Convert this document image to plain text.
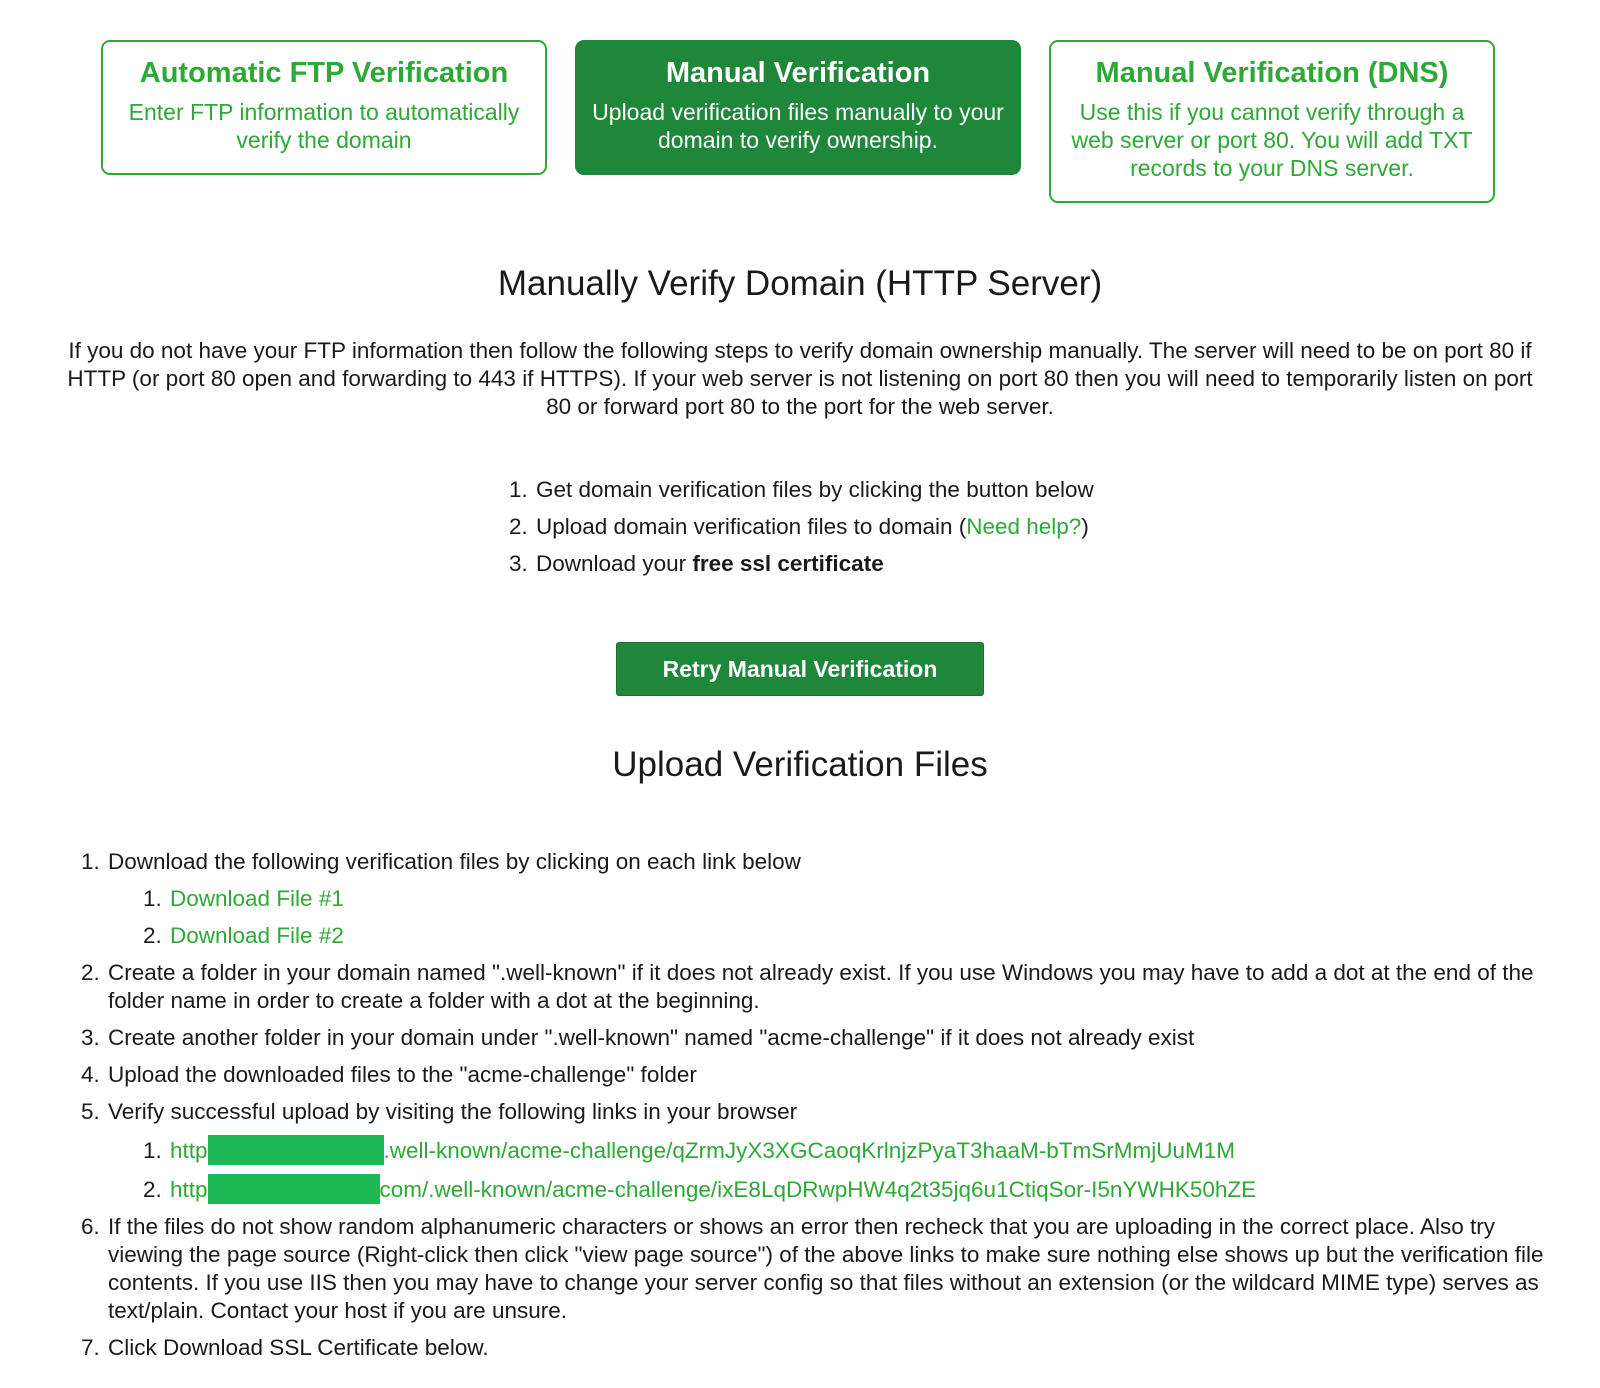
Automatic FTP Verification
Enter FTP information to automatically verify the domain
Manual Verification
Upload verification files manually to your domain to verify ownership.
Manual Verification (DNS)
Use this if you cannot verify through a web server or port 80. You will add TXT records to your DNS server.
Manually Verify Domain (HTTP Server)

If you do not have your FTP information then follow the following steps to verify domain ownership manually. The server will need to be on port 80 if HTTP (or port 80 open and forwarding to 443 if HTTPS). If your web server is not listening on port 80 then you will need to temporarily listen on port 80 or forward port 80 to the port for the web server.

1. Get domain verification files by clicking the button below
2. Upload domain verification files to domain (Need help?)
3. Download your free ssl certificate
Retry Manual Verification
Upload Verification Files
1. Download the following verification files by clicking on each link below
1. Download File #1
2. Download File #2
2. Create a folder in your domain named ".well-known" if it does not already exist. If you use Windows you may have to add a dot at the end of the folder name in order to create a folder with a dot at the beginning.
3. Create another folder in your domain under ".well-known" named "acme-challenge" if it does not already exist
4. Upload the downloaded files to the "acme-challenge" folder
5. Verify successful upload by visiting the following links in your browser
1. http	.well-known/acme-challenge/qZrmJyX3XGCaoqKrlnjzPyaT3haaM-bTmSrMmjUuM1M
2. http	com/.well-known/acme-challenge/ixE8LqDRwpHW4q2t35jq6u1CtiqSor-I5nYWHK50hZE
6. If the files do not show random alphanumeric characters or shows an error then recheck that you are uploading in the correct place. Also try viewing the page source (Right-click then click "view page source") of the above links to make sure nothing else shows up but the verification file contents. If you use IIS then you may have to change your server config so that files without an extension (or the wildcard MIME type) serves as text/plain. Contact your host if you are unsure.
7. Click Download SSL Certificate below.
